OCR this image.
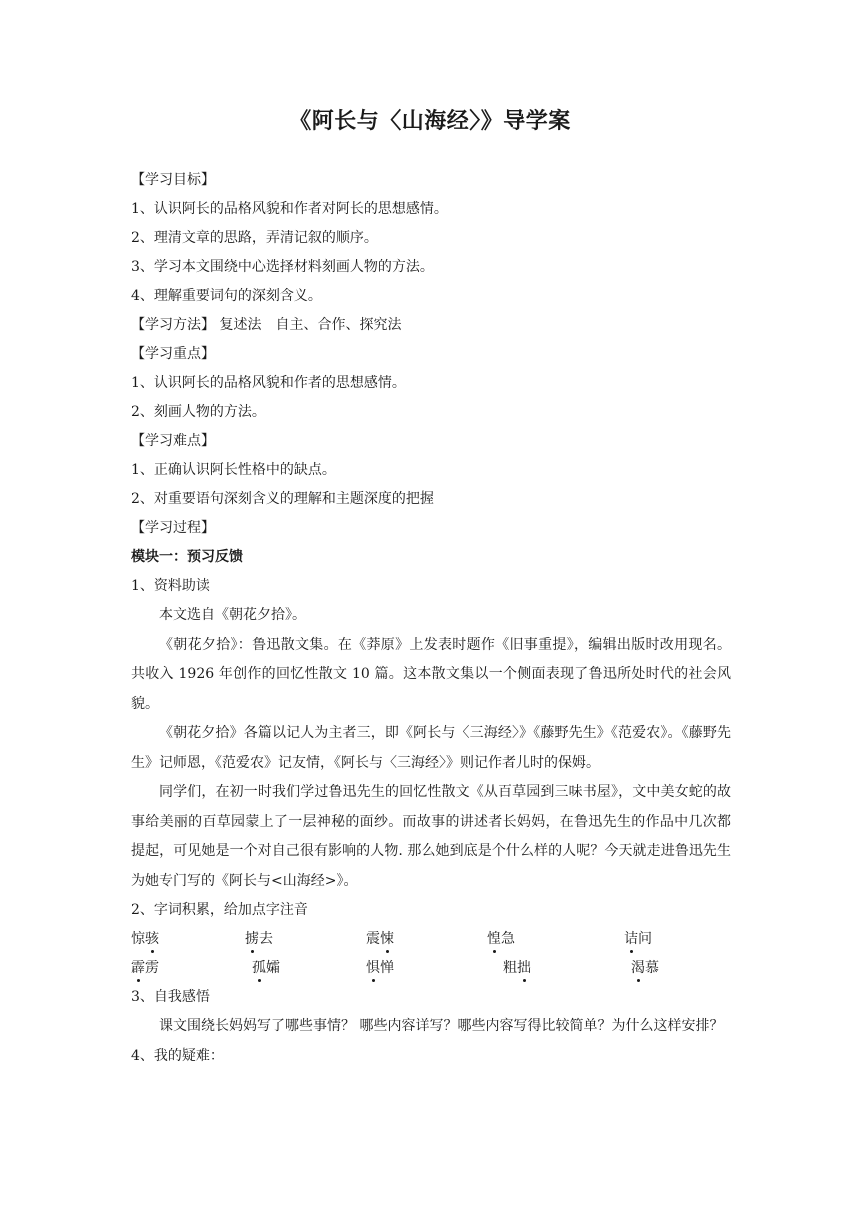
《阿长与〈山海经〉》导学案
【学习目标】
1、认识阿长的品格风貌和作者对阿长的思想感情。
2、理清文章的思路，弄清记叙的顺序。
3、学习本文围绕中心选择材料刻画人物的方法。
4、理解重要词句的深刻含义。
【学习方法】 复述法　自主、合作、探究法
【学习重点】
1、认识阿长的品格风貌和作者的思想感情。
2、刻画人物的方法。
【学习难点】
1、正确认识阿长性格中的缺点。
2、对重要语句深刻含义的理解和主题深度的把握
【学习过程】
模块一：预习反馈
1、资料助读

本文选自《朝花夕拾》。

《朝花夕拾》：鲁迅散文集。在《莽原》上发表时题作《旧事重提》，编辑出版时改用现名。共收入 1926 年创作的回忆性散文 10 篇。这本散文集以一个侧面表现了鲁迅所处时代的社会风貌。

《朝花夕拾》各篇以记人为主者三，即《阿长与〈三海经〉》《藤野先生》《范爱农》。《藤野先生》记师恩，《范爱农》记友情，《阿长与〈三海经〉》则记作者儿时的保姆。

同学们，在初一时我们学过鲁迅先生的回忆性散文《从百草园到三味书屋》，文中美女蛇的故事给美丽的百草园蒙上了一层神秘的面纱。而故事的讲述者长妈妈，在鲁迅先生的作品中几次都提起，可见她是一个对自己很有影响的人物. 那么她到底是个什么样的人呢？今天就走进鲁迅先生为她专门写的《阿长与<山海经>》。

2、字词积累，给加点字注音
惊骇	掳去	震悚	惶急	诘问
霹雳	孤孀	惧惮	粗拙	渴慕
3、自我感悟

课文围绕长妈妈写了哪些事情？ 哪些内容详写？哪些内容写得比较简单？为什么这样安排？

4、我的疑难：
